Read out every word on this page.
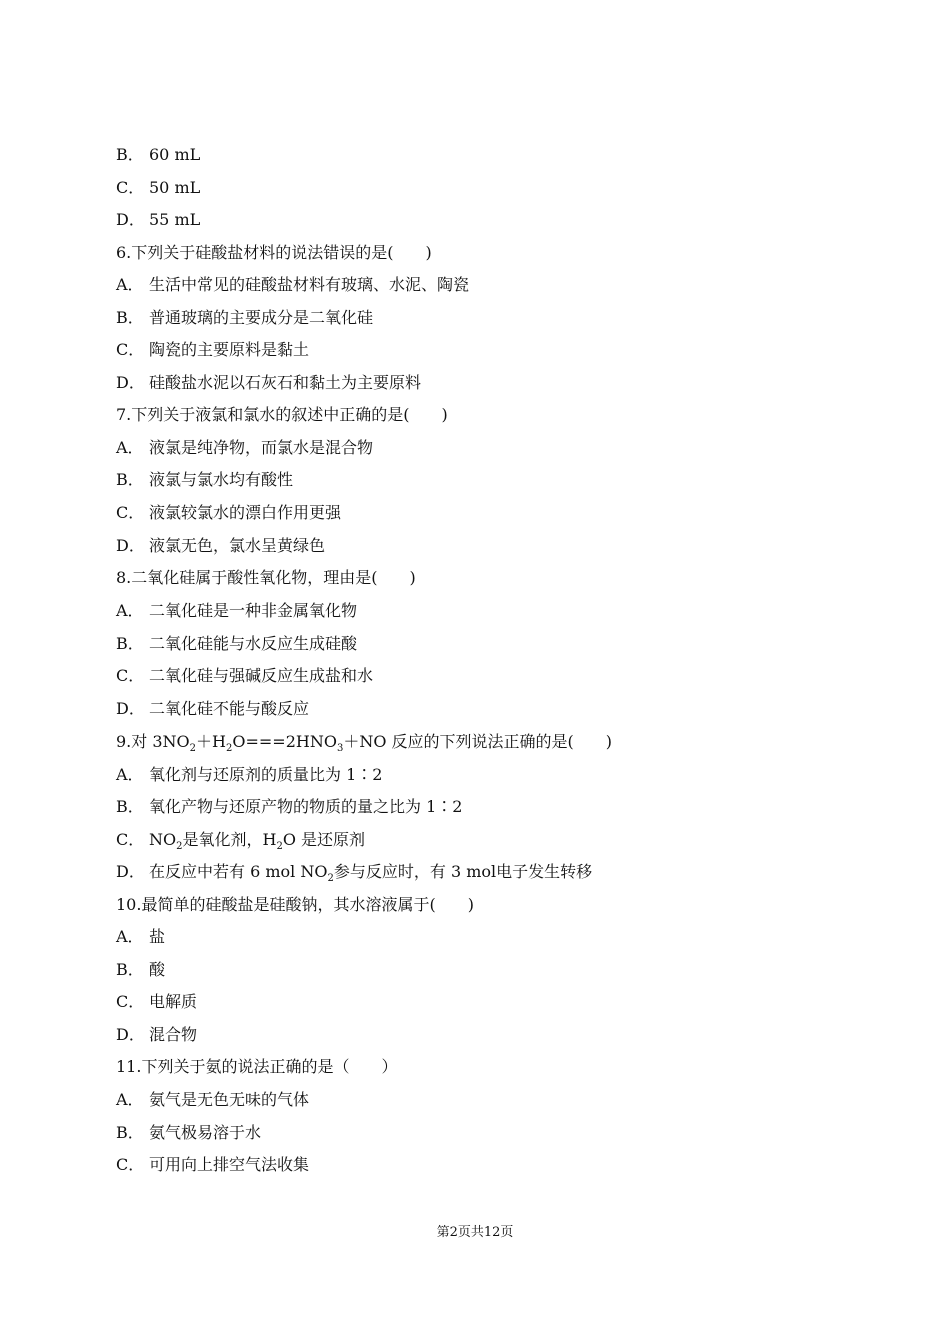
B． 60 mL
C． 50 mL
D． 55 mL
6.下列关于硅酸盐材料的说法错误的是(　　)
A． 生活中常见的硅酸盐材料有玻璃、水泥、陶瓷
B． 普通玻璃的主要成分是二氧化硅
C． 陶瓷的主要原料是黏土
D． 硅酸盐水泥以石灰石和黏土为主要原料
7.下列关于液氯和氯水的叙述中正确的是(　　)
A． 液氯是纯净物，而氯水是混合物
B． 液氯与氯水均有酸性
C． 液氯较氯水的漂白作用更强
D． 液氯无色，氯水呈黄绿色
8.二氧化硅属于酸性氧化物，理由是(　　)
A． 二氧化硅是一种非金属氧化物
B． 二氧化硅能与水反应生成硅酸
C． 二氧化硅与强碱反应生成盐和水
D． 二氧化硅不能与酸反应
9.对 $3NO_2+H_2O===2HNO_3+NO$ 反应的下列说法正确的是(　　)
A． 氧化剂与还原剂的质量比为 1∶2
B． 氧化产物与还原产物的物质的量之比为 1∶2
C． $NO_2$是氧化剂，$H_2O$ 是还原剂
D． 在反应中若有 6 mol $NO_2$参与反应时，有 3 mol电子发生转移
10.最简单的硅酸盐是硅酸钠，其水溶液属于(　　)
A． 盐
B． 酸
C． 电解质
D． 混合物
11.下列关于氨的说法正确的是（　　）
A． 氨气是无色无味的气体
B． 氨气极易溶于水
C． 可用向上排空气法收集
第2页共12页
